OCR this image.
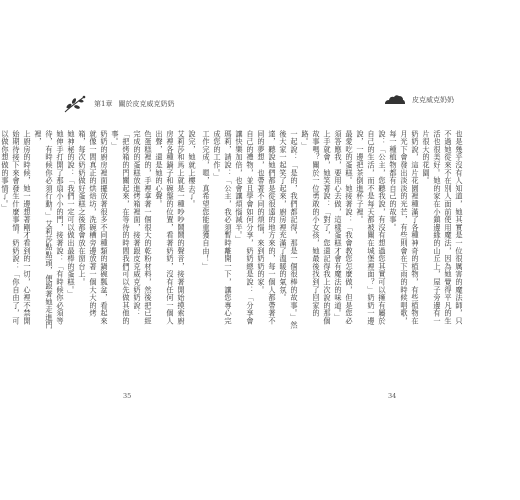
第1章 關於皮克威克奶奶

說完，她就上樓去了。

艾莉莎和馬上就是一種吵吵鬧鬧的聲音，接著開始摸索廚房裡各種鍋子和碗盤的位置，看著奶奶，沒有任何一個人出聲，還是她的心聲。

色蛋糕裡的，手裡拿著一個很大的乾粉材料，然後把已經完成的的蛋糕放進烤箱裡面，接著跟皮克威克奶奶說：「把烤箱的門關起來，在等待的時間我們可以先做其他的事。」

奶奶的廚房裡面擺放著很多不同種類的鍋碗瓢盆，看起來就像一間真正的烘焙坊，洗碗槽旁邊放著一個大大的烤箱，每次奶奶做好蛋糕之後都會放在窗台上。

她神秘的說：「我們一定可以做出最棒的蛋糕。」

她伸手打開了那扇小小的門，接著說：「有時候你必須等待，有時候你必須行動。」艾莉莎點點頭，便跟著她走進門裡，

上廚房的時候，她一邊想著剛才看到的一切，心裡不禁開始期待接下來會發生什麼事情。奶奶說：「你自由了，可以做你想做的事情了。」

35
皮克威克奶奶

也是幾乎沒有人知道，她其實是一位很厲害的魔法師，只不過她從來不在別人面前使用魔法，因為她覺得平凡的生活也很美好。她的家在小鎮邊緣的山丘上，屋子旁邊有一片很大的花園。

奶奶說，這片花園裡種滿了各種神奇的植物，有些植物在月光下會發出淡淡的光芒，有些則會在下雨的時候唱歌，每一種植物都有自己的故事。

說：「公主，您聽我說，有沒有想過您其實可以擁有屬於自己的生活，而不是每天都被關在城堡裡面？」奶奶一邊說，一邊把茶倒進杯子裡。

最愛吃的蛋糕。她接著說：「我會教您怎麼做，但是您必須答應我，要用心去做，這樣蛋糕才會有魔法的味道。」

上手就會，她笑著說：「對了，您還記得我上次說的那個故事嗎？關於一位勇敢的小女孩，她最後找到了回家的路。」

一起說：「是的，我們都記得，那是一個很棒的故事。」然後大家一起笑了起來，廚房裡充滿了溫暖的氣氛。

達，聽說她們都是從很遠的地方來的，每一個人都帶著不同的夢想，也帶著不同的煩惱，來到奶奶的家。

自己的禮物，並且學會如何分享，奶奶總是說：「分享會讓快樂加倍，也會讓煩惱減半。」

瑪莉，請說：「公主，我必須暫時離開一下，讓您專心完成您的工作。」

工作完成，嗯，真希望您能重獲自由！」

34
